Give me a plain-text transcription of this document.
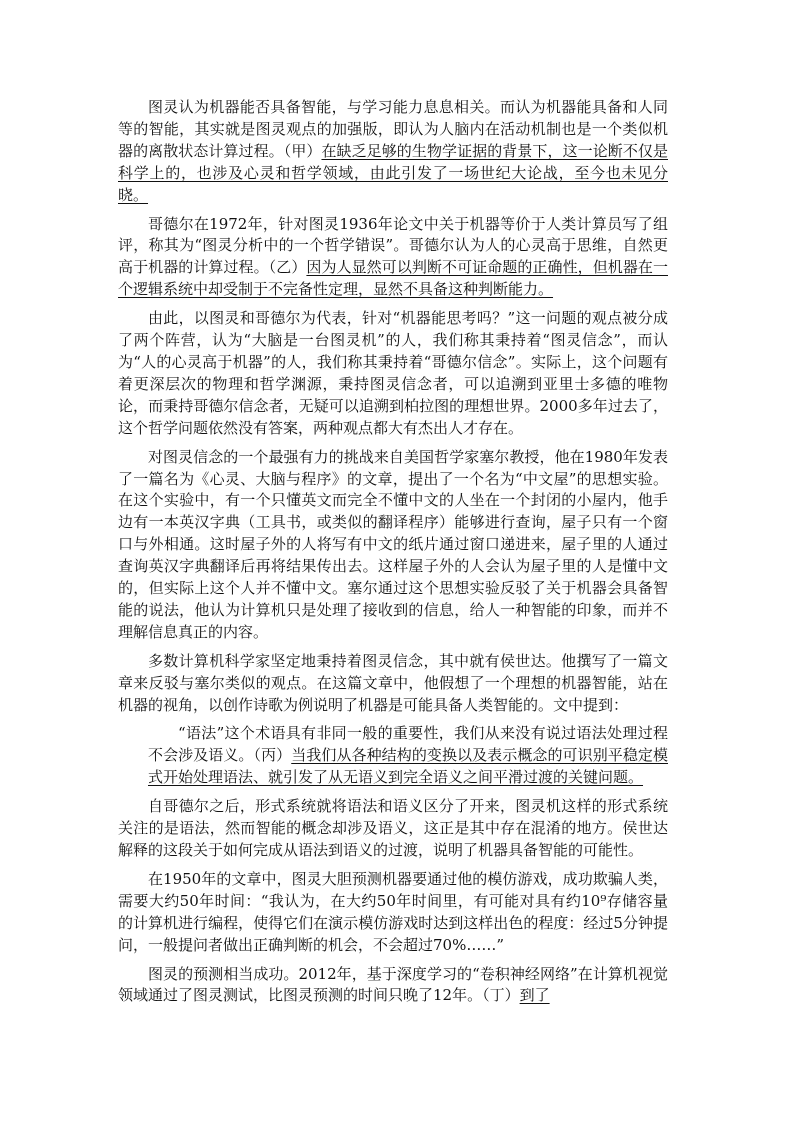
图灵认为机器能否具备智能，与学习能力息息相关。而认为机器能具备和人同等的智能，其实就是图灵观点的加强版，即认为人脑内在活动机制也是一个类似机器的离散状态计算过程。（甲）在缺乏足够的生物学证据的背景下，这一论断不仅是科学上的，也涉及心灵和哲学领域，由此引发了一场世纪大论战，至今也未见分晓。

哥德尔在1972年，针对图灵1936年论文中关于机器等价于人类计算员写了组评，称其为“图灵分析中的一个哲学错误”。哥德尔认为人的心灵高于思维，自然更高于机器的计算过程。（乙）因为人显然可以判断不可证命题的正确性，但机器在一个逻辑系统中却受制于不完备性定理，显然不具备这种判断能力。

由此，以图灵和哥德尔为代表，针对“机器能思考吗？”这一问题的观点被分成了两个阵营，认为“大脑是一台图灵机”的人，我们称其秉持着“图灵信念”，而认为“人的心灵高于机器”的人，我们称其秉持着“哥德尔信念”。实际上，这个问题有着更深层次的物理和哲学渊源，秉持图灵信念者，可以追溯到亚里士多德的唯物论，而秉持哥德尔信念者，无疑可以追溯到柏拉图的理想世界。2000多年过去了，这个哲学问题依然没有答案，两种观点都大有杰出人才存在。

对图灵信念的一个最强有力的挑战来自美国哲学家塞尔教授，他在1980年发表了一篇名为《心灵、大脑与程序》的文章，提出了一个名为“中文屋”的思想实验。在这个实验中，有一个只懂英文而完全不懂中文的人坐在一个封闭的小屋内，他手边有一本英汉字典（工具书，或类似的翻译程序）能够进行查询，屋子只有一个窗口与外相通。这时屋子外的人将写有中文的纸片通过窗口递进来，屋子里的人通过查询英汉字典翻译后再将结果传出去。这样屋子外的人会认为屋子里的人是懂中文的，但实际上这个人并不懂中文。塞尔通过这个思想实验反驳了关于机器会具备智能的说法，他认为计算机只是处理了接收到的信息，给人一种智能的印象，而并不理解信息真正的内容。

多数计算机科学家坚定地秉持着图灵信念，其中就有侯世达。他撰写了一篇文章来反驳与塞尔类似的观点。在这篇文章中，他假想了一个理想的机器智能，站在机器的视角，以创作诗歌为例说明了机器是可能具备人类智能的。文中提到：

“语法”这个术语具有非同一般的重要性，我们从来没有说过语法处理过程不会涉及语义。（丙）当我们从各种结构的变换以及表示概念的可识别平稳定模式开始处理语法、就引发了从无语义到完全语义之间平滑过渡的关键问题。

自哥德尔之后，形式系统就将语法和语义区分了开来，图灵机这样的形式系统关注的是语法，然而智能的概念却涉及语义，这正是其中存在混淆的地方。侯世达解释的这段关于如何完成从语法到语义的过渡，说明了机器具备智能的可能性。

在1950年的文章中，图灵大胆预测机器要通过他的模仿游戏，成功欺骗人类，需要大约50年时间：“我认为，在大约50年时间里，有可能对具有约10⁹存储容量的计算机进行编程，使得它们在演示模仿游戏时达到这样出色的程度：经过5分钟提问，一般提问者做出正确判断的机会，不会超过70%……”

图灵的预测相当成功。2012年，基于深度学习的“卷积神经网络”在计算机视觉领域通过了图灵测试，比图灵预测的时间只晚了12年。（丁）到了
